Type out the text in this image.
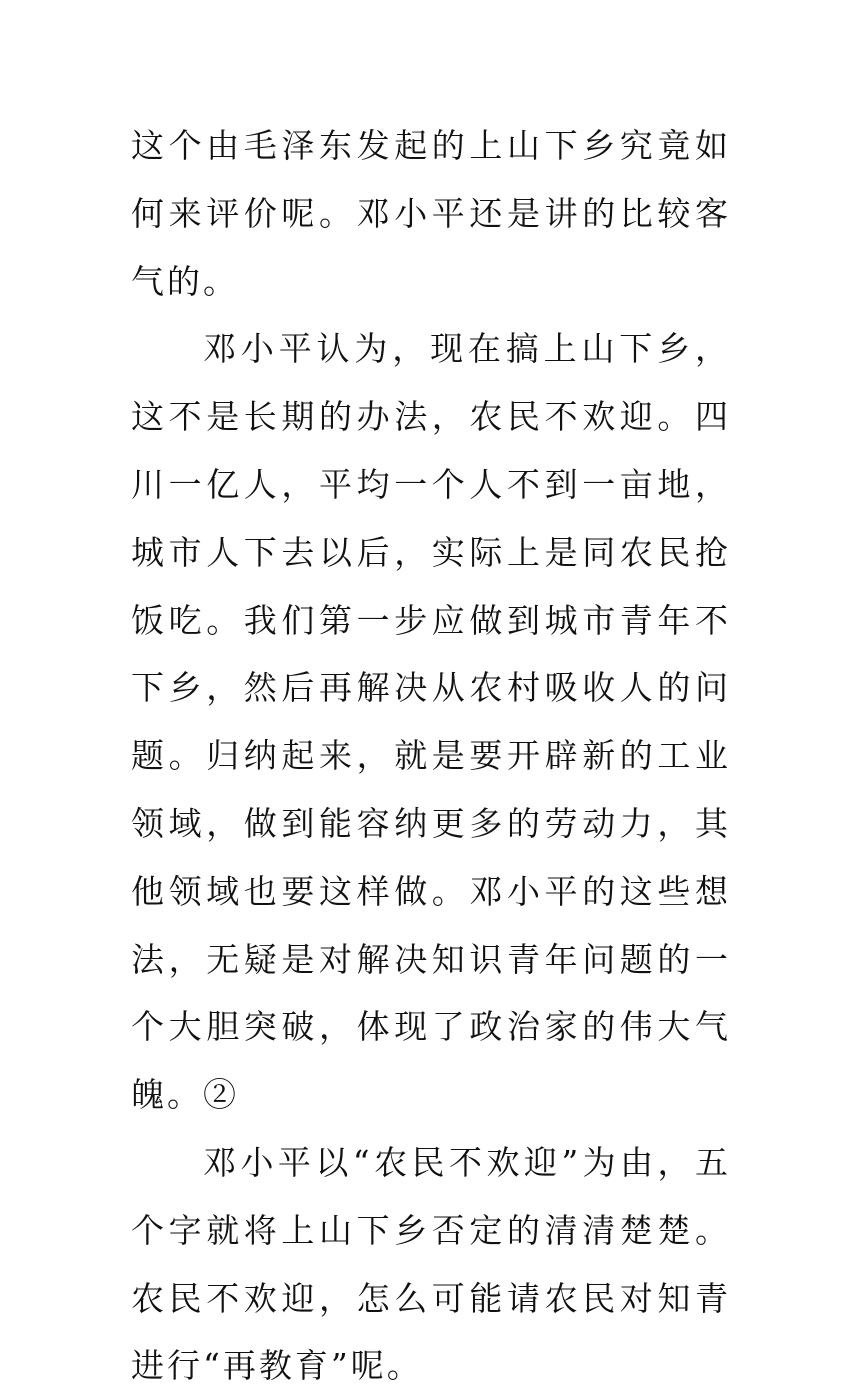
这个由毛泽东发起的上山下乡究竟如何来评价呢。邓小平还是讲的比较客气的。

邓小平认为，现在搞上山下乡，这不是长期的办法，农民不欢迎。四川一亿人，平均一个人不到一亩地，城市人下去以后，实际上是同农民抢饭吃。我们第一步应做到城市青年不下乡，然后再解决从农村吸收人的问题。归纳起来，就是要开辟新的工业领域，做到能容纳更多的劳动力，其他领域也要这样做。邓小平的这些想法，无疑是对解决知识青年问题的一个大胆突破，体现了政治家的伟大气魄。②

邓小平以“农民不欢迎”为由，五个字就将上山下乡否定的清清楚楚。农民不欢迎，怎么可能请农民对知青进行“再教育”呢。
